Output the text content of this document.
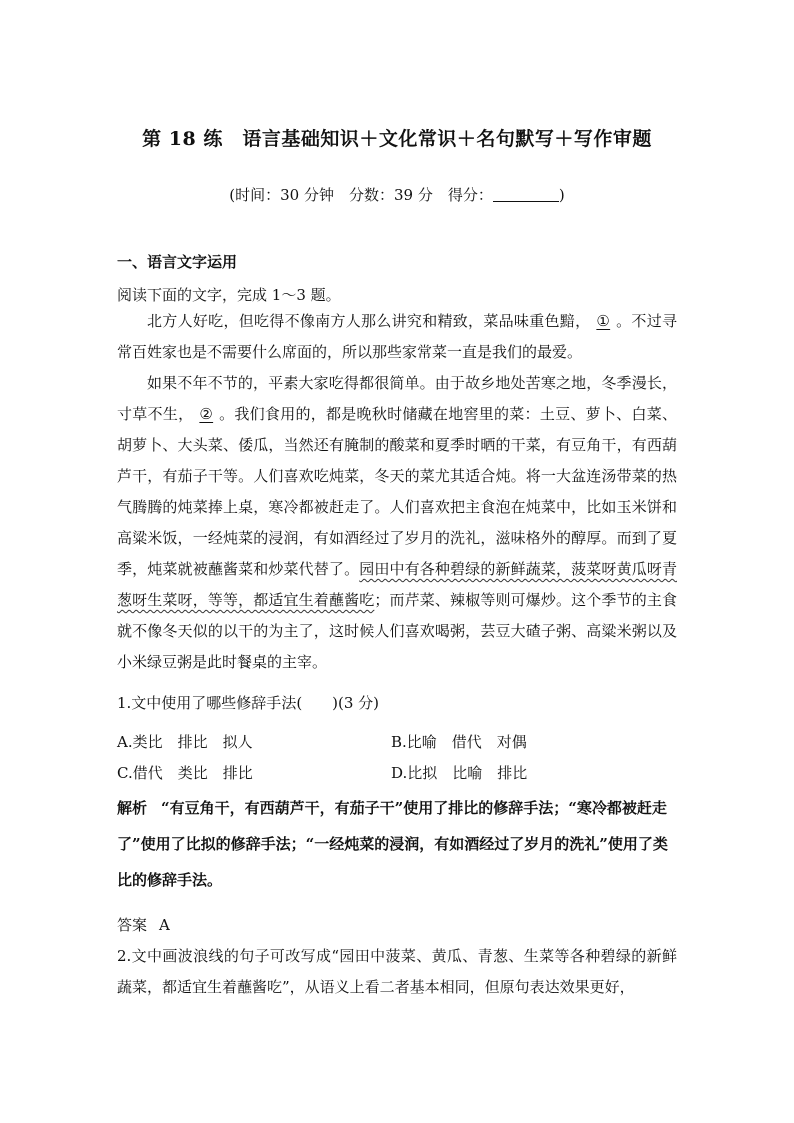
第 18 练　语言基础知识＋文化常识＋名句默写＋写作审题
(时间：30 分钟　分数：39 分　得分：	)
一、语言文字运用
阅读下面的文字，完成 1～3 题。

北方人好吃，但吃得不像南方人那么讲究和精致，菜品味重色黯， ① 。不过寻常百姓家也是不需要什么席面的，所以那些家常菜一直是我们的最爱。

如果不年不节的，平素大家吃得都很简单。由于故乡地处苦寒之地，冬季漫长，寸草不生， ② 。我们食用的，都是晚秋时储藏在地窖里的菜：土豆、萝卜、白菜、胡萝卜、大头菜、倭瓜，当然还有腌制的酸菜和夏季时晒的干菜，有豆角干，有西葫芦干，有茄子干等。人们喜欢吃炖菜，冬天的菜尤其适合炖。将一大盆连汤带菜的热气腾腾的炖菜捧上桌，寒冷都被赶走了。人们喜欢把主食泡在炖菜中，比如玉米饼和高粱米饭，一经炖菜的浸润，有如酒经过了岁月的洗礼，滋味格外的醇厚。而到了夏季，炖菜就被蘸酱菜和炒菜代替了。园田中有各种碧绿的新鲜蔬菜，菠菜呀黄瓜呀青葱呀生菜呀，等等，都适宜生着蘸酱吃；而芹菜、辣椒等则可爆炒。这个季节的主食就不像冬天似的以干的为主了，这时候人们喜欢喝粥，芸豆大碴子粥、高粱米粥以及小米绿豆粥是此时餐桌的主宰。

1.文中使用了哪些修辞手法(　　)(3 分)
A.类比　排比　拟人	B.比喻　借代　对偶
C.借代　类比　排比	D.比拟　比喻　排比
解析 “有豆角干，有西葫芦干，有茄子干”使用了排比的修辞手法；“寒冷都被赶走了”使用了比拟的修辞手法；“一经炖菜的浸润，有如酒经过了岁月的洗礼”使用了类比的修辞手法。
答案 A
2.文中画波浪线的句子可改写成“园田中菠菜、黄瓜、青葱、生菜等各种碧绿的新鲜蔬菜，都适宜生着蘸酱吃”，从语义上看二者基本相同，但原句表达效果更好，
